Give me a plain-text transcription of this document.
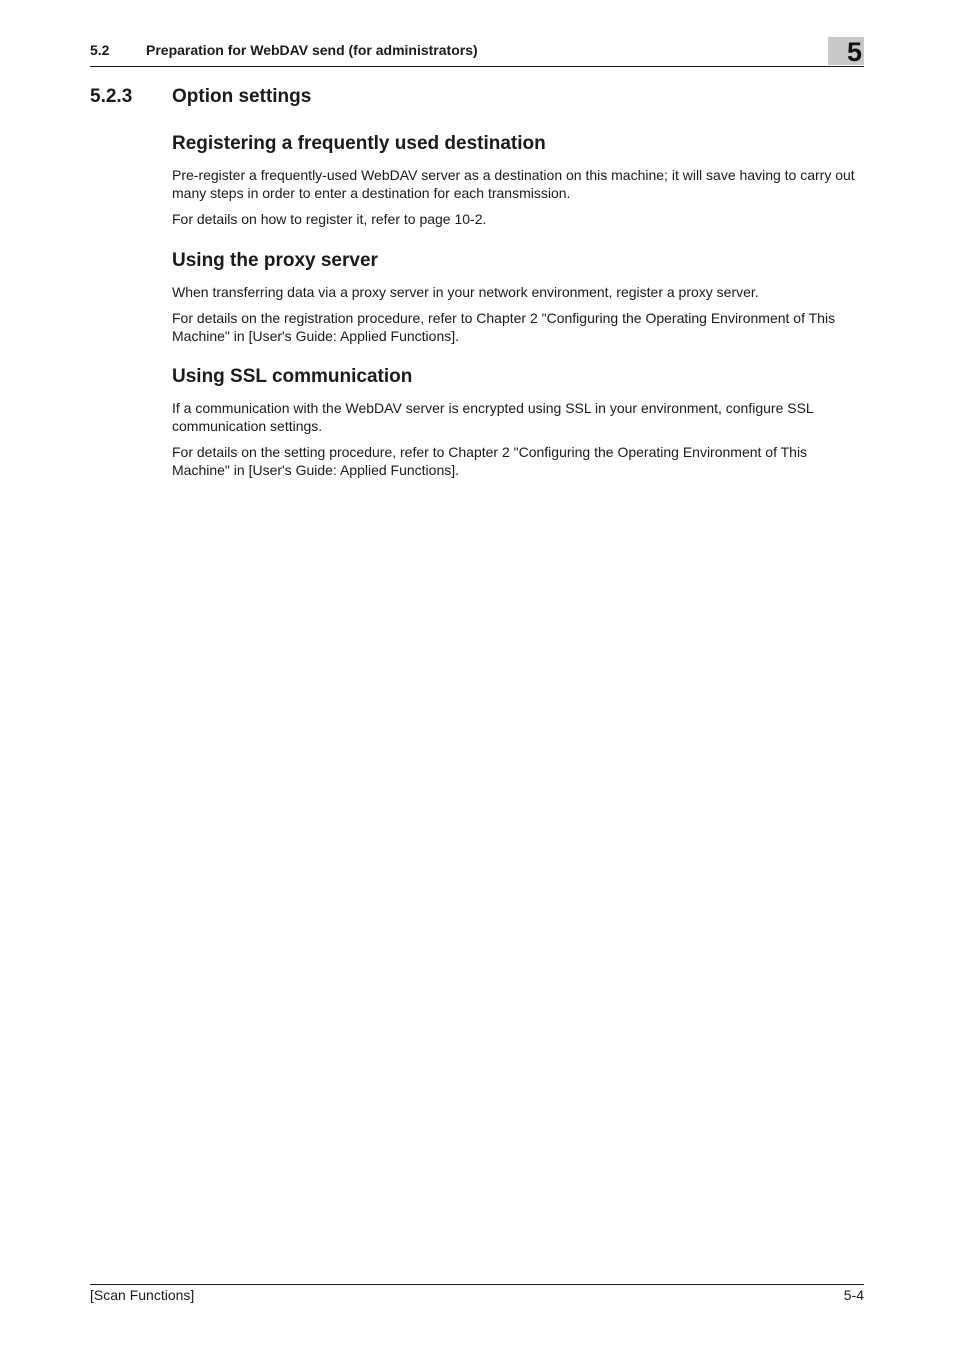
5.2	Preparation for WebDAV send (for administrators)	5
5.2.3 Option settings
Registering a frequently used destination

Pre-register a frequently-used WebDAV server as a destination on this machine; it will save having to carry out many steps in order to enter a destination for each transmission.

For details on how to register it, refer to page 10-2.

Using the proxy server

When transferring data via a proxy server in your network environment, register a proxy server.

For details on the registration procedure, refer to Chapter 2 "Configuring the Operating Environment of This Machine" in [User's Guide: Applied Functions].

Using SSL communication

If a communication with the WebDAV server is encrypted using SSL in your environment, configure SSL communication settings.

For details on the setting procedure, refer to Chapter 2 "Configuring the Operating Environment of This Machine" in [User's Guide: Applied Functions].

[Scan Functions]	5-4
